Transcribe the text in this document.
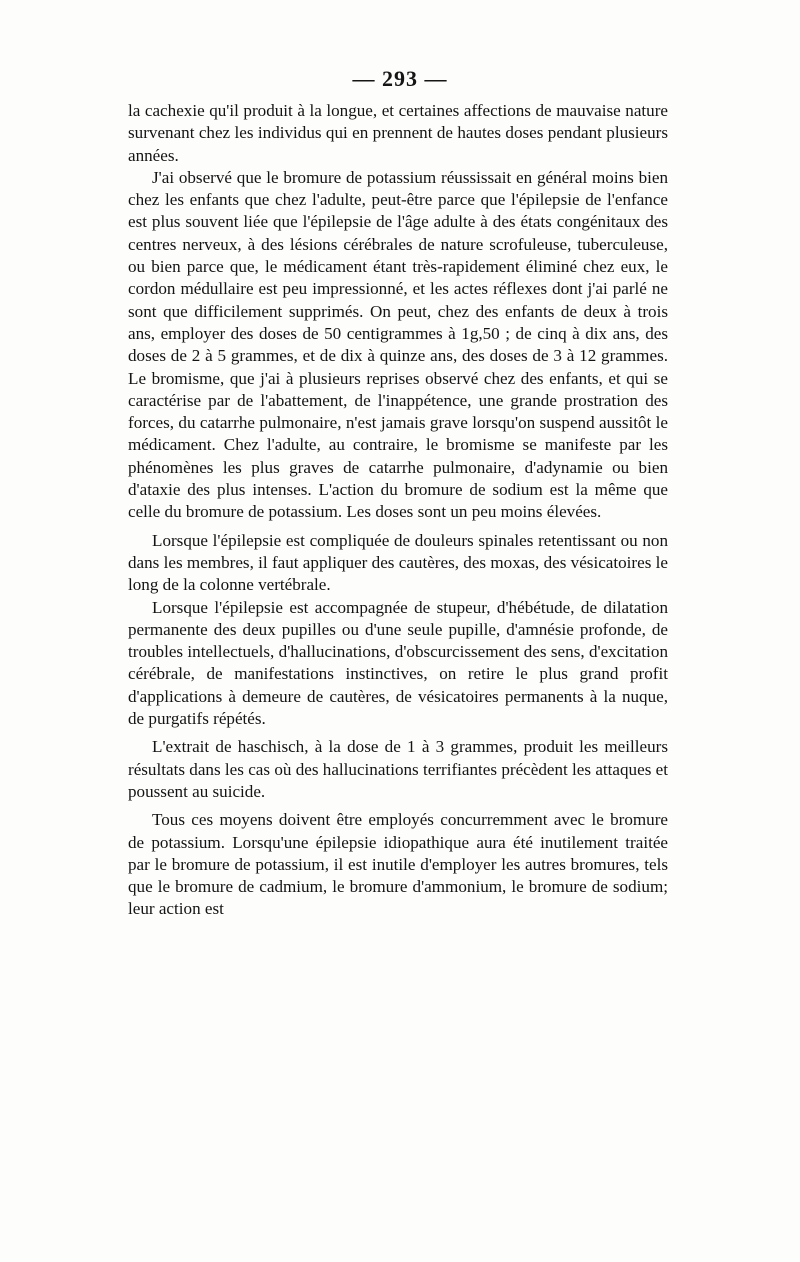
— 293 —

la cachexie qu'il produit à la longue, et certaines affections de mauvaise nature survenant chez les individus qui en prennent de hautes doses pendant plusieurs années.

J'ai observé que le bromure de potassium réussissait en général moins bien chez les enfants que chez l'adulte, peut-être parce que l'épilepsie de l'enfance est plus souvent liée que l'épilepsie de l'âge adulte à des états congénitaux des centres nerveux, à des lésions cérébrales de nature scrofuleuse, tuberculeuse, ou bien parce que, le médicament étant très-rapidement éliminé chez eux, le cordon médullaire est peu impressionné, et les actes réflexes dont j'ai parlé ne sont que difficilement supprimés. On peut, chez des enfants de deux à trois ans, employer des doses de 50 centigrammes à 1g,50 ; de cinq à dix ans, des doses de 2 à 5 grammes, et de dix à quinze ans, des doses de 3 à 12 grammes. Le bromisme, que j'ai à plusieurs reprises observé chez des enfants, et qui se caractérise par de l'abattement, de l'inappétence, une grande prostration des forces, du catarrhe pulmonaire, n'est jamais grave lorsqu'on suspend aussitôt le médicament. Chez l'adulte, au contraire, le bromisme se manifeste par les phénomènes les plus graves de catarrhe pulmonaire, d'adynamie ou bien d'ataxie des plus intenses. L'action du bromure de sodium est la même que celle du bromure de potassium. Les doses sont un peu moins élevées.

Lorsque l'épilepsie est compliquée de douleurs spinales retentissant ou non dans les membres, il faut appliquer des cautères, des moxas, des vésicatoires le long de la colonne vertébrale.

Lorsque l'épilepsie est accompagnée de stupeur, d'hébétude, de dilatation permanente des deux pupilles ou d'une seule pupille, d'amnésie profonde, de troubles intellectuels, d'hallucinations, d'obscurcissement des sens, d'excitation cérébrale, de manifestations instinctives, on retire le plus grand profit d'applications à demeure de cautères, de vésicatoires permanents à la nuque, de purgatifs répétés.

L'extrait de haschisch, à la dose de 1 à 3 grammes, produit les meilleurs résultats dans les cas où des hallucinations terrifiantes précèdent les attaques et poussent au suicide.

Tous ces moyens doivent être employés concurremment avec le bromure de potassium. Lorsqu'une épilepsie idiopathique aura été inutilement traitée par le bromure de potassium, il est inutile d'employer les autres bromures, tels que le bromure de cadmium, le bromure d'ammonium, le bromure de sodium; leur action est
